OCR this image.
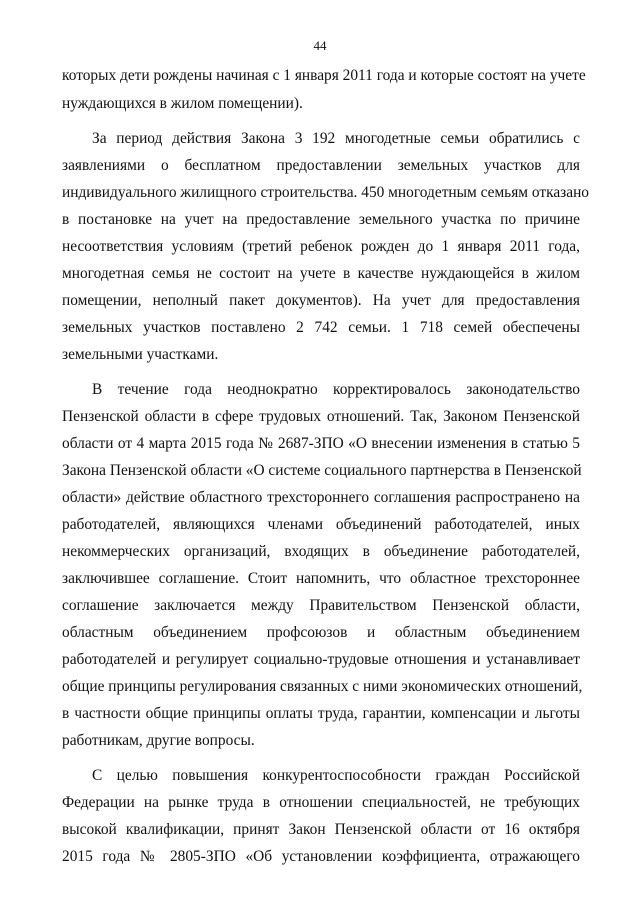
44
которых дети рождены начиная с 1 января 2011 года и которые состоят на учете
нуждающихся в жилом помещении).
За период действия Закона 3 192 многодетные семьи обратились с
заявлениями о бесплатном предоставлении земельных участков для
индивидуального жилищного строительства. 450 многодетным семьям отказано
в постановке на учет на предоставление земельного участка по причине
несоответствия условиям (третий ребенок рожден до 1 января 2011 года,
многодетная семья не состоит на учете в качестве нуждающейся в жилом
помещении, неполный пакет документов). На учет для предоставления
земельных участков поставлено 2 742 семьи. 1 718 семей обеспечены
земельными участками.
В течение года неоднократно корректировалось законодательство
Пензенской области в сфере трудовых отношений. Так, Законом Пензенской
области от 4 марта 2015 года № 2687-ЗПО «О внесении изменения в статью 5
Закона Пензенской области «О системе социального партнерства в Пензенской
области» действие областного трехстороннего соглашения распространено на
работодателей, являющихся членами объединений работодателей, иных
некоммерческих организаций, входящих в объединение работодателей,
заключившее соглашение. Стоит напомнить, что областное трехстороннее
соглашение заключается между Правительством Пензенской области,
областным объединением профсоюзов и областным объединением
работодателей и регулирует социально-трудовые отношения и устанавливает
общие принципы регулирования связанных с ними экономических отношений,
в частности общие принципы оплаты труда, гарантии, компенсации и льготы
работникам, другие вопросы.
С целью повышения конкурентоспособности граждан Российской
Федерации на рынке труда в отношении специальностей, не требующих
высокой квалификации, принят Закон Пензенской области от 16 октября
2015 года № 2805-ЗПО «Об установлении коэффициента, отражающего
